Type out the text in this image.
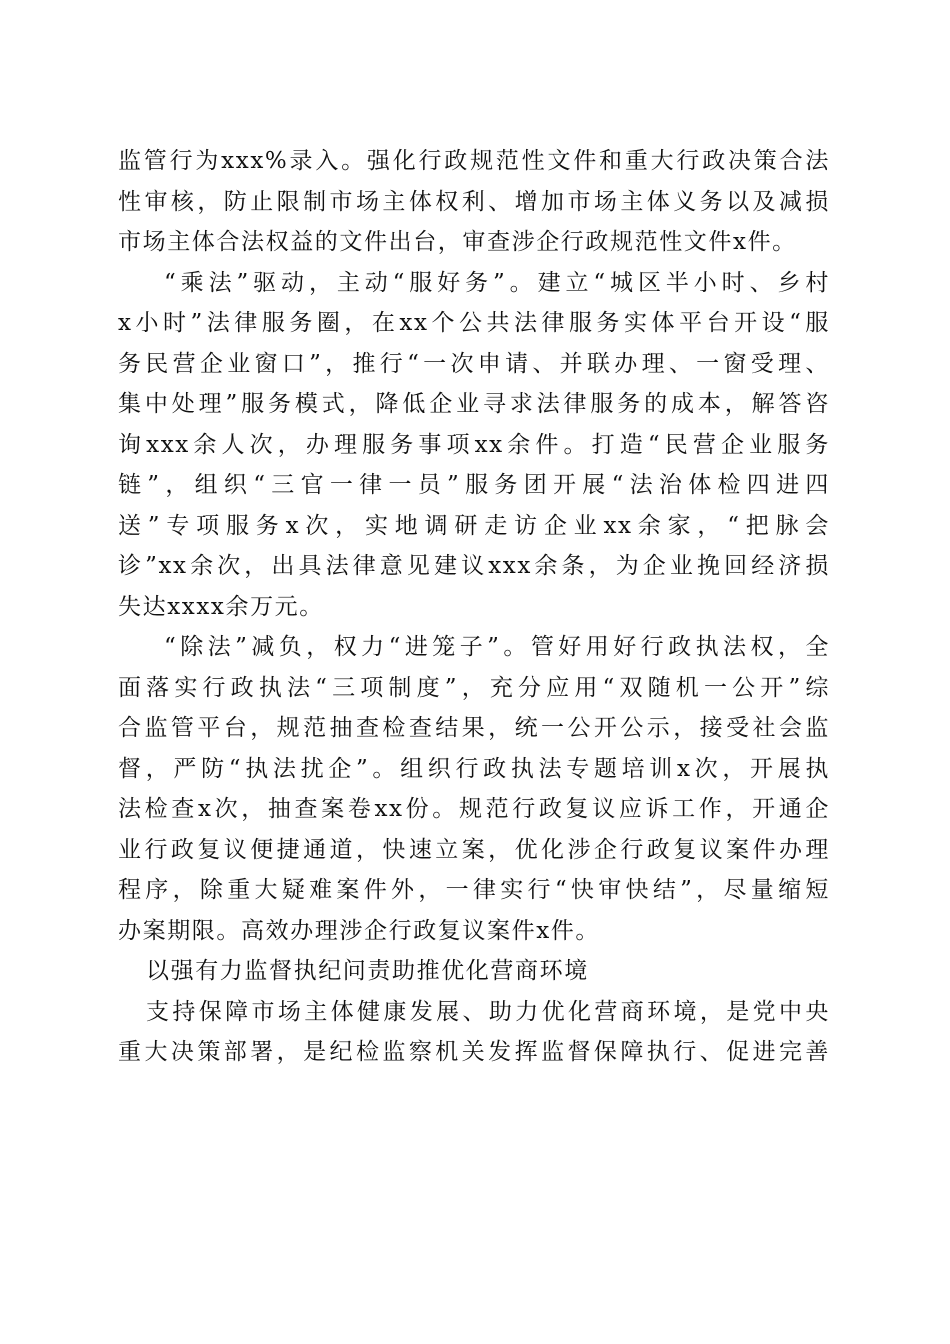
监管行为xxx%录入。强化行政规范性文件和重大行政决策合法
性审核，防止限制市场主体权利、增加市场主体义务以及减损
市场主体合法权益的文件出台，审查涉企行政规范性文件x件。
“乘法”驱动，主动“服好务”。建立“城区半小时、乡村
x小时”法律服务圈，在xx个公共法律服务实体平台开设“服
务民营企业窗口”，推行“一次申请、并联办理、一窗受理、
集中处理”服务模式，降低企业寻求法律服务的成本，解答咨
询xxx余人次，办理服务事项xx余件。打造“民营企业服务
链”，组织“三官一律一员”服务团开展“法治体检四进四
送”专项服务x次，实地调研走访企业xx余家，“把脉会
诊”xx余次，出具法律意见建议xxx余条，为企业挽回经济损
失达xxxx余万元。
“除法”减负，权力“进笼子”。管好用好行政执法权，全
面落实行政执法“三项制度”，充分应用“双随机一公开”综
合监管平台，规范抽查检查结果，统一公开公示，接受社会监
督，严防“执法扰企”。组织行政执法专题培训x次，开展执
法检查x次，抽查案卷xx份。规范行政复议应诉工作，开通企
业行政复议便捷通道，快速立案，优化涉企行政复议案件办理
程序，除重大疑难案件外，一律实行“快审快结”，尽量缩短
办案期限。高效办理涉企行政复议案件x件。
以强有力监督执纪问责助推优化营商环境
支持保障市场主体健康发展、助力优化营商环境，是党中央
重大决策部署，是纪检监察机关发挥监督保障执行、促进完善
